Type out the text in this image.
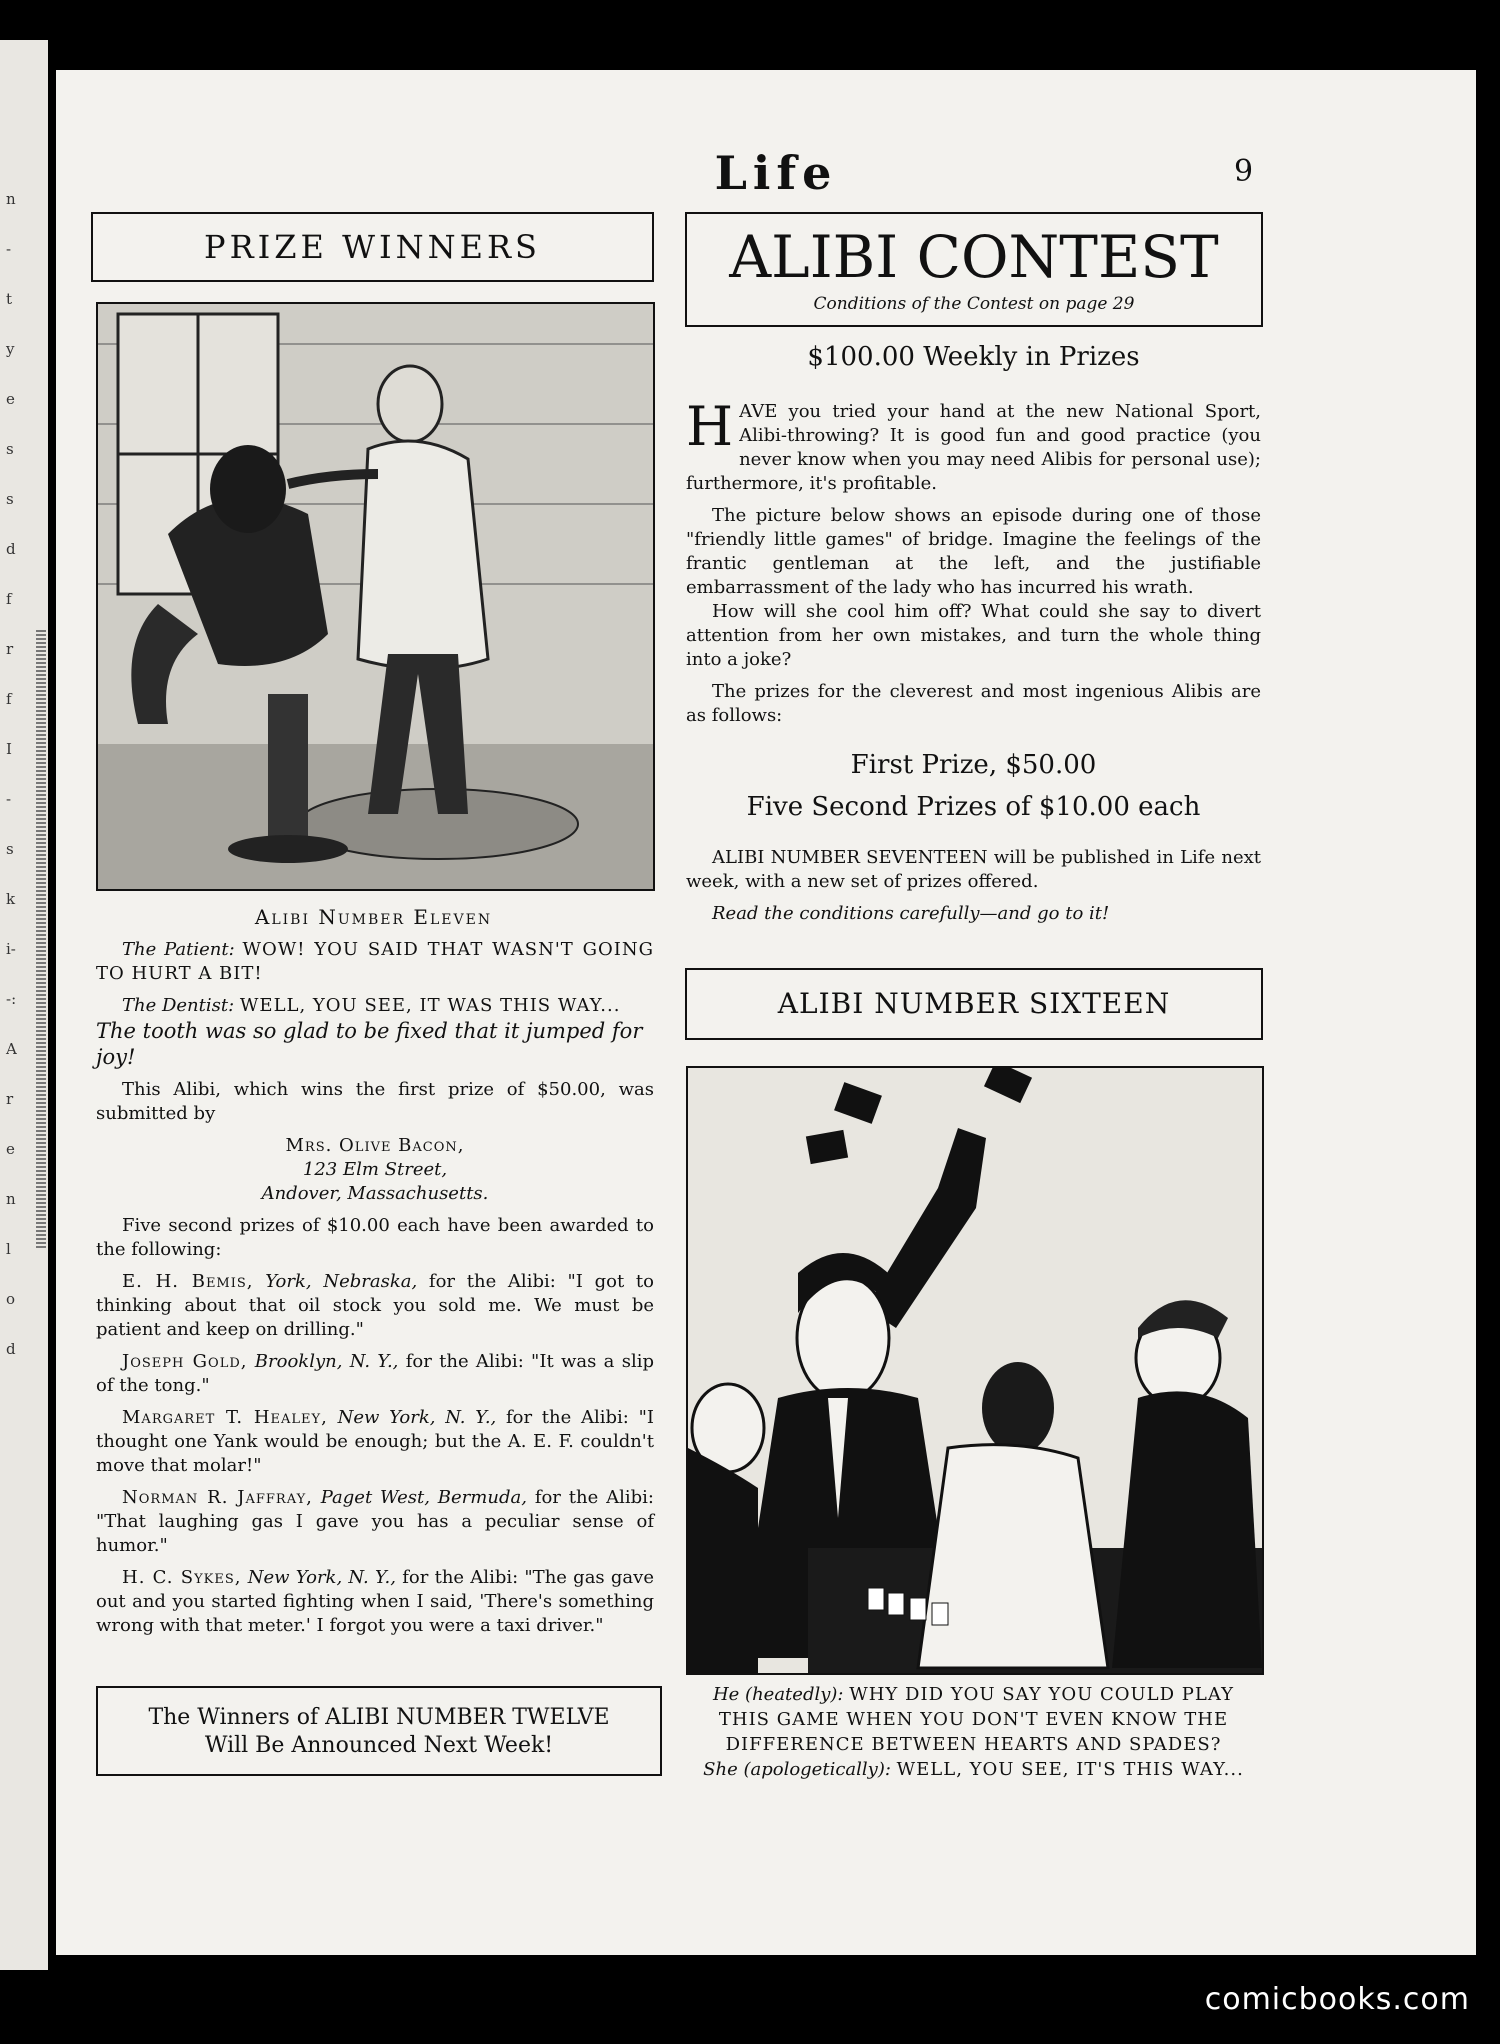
n
-
t
y
e
s
s
d
f
r
f
I
-
s
k
i-
-:
A
r
e
n
l
o
d
Life	9
PRIZE WINNERS
Alibi Number Eleven

The Patient: WOW! YOU SAID THAT WASN'T GOING TO HURT A BIT!

The Dentist: WELL, YOU SEE, IT WAS THIS WAY...

The tooth was so glad to be fixed that it jumped for joy!

This Alibi, which wins the first prize of $50.00, was submitted by

Mrs. Olive Bacon,
123 Elm Street,
Andover, Massachusetts.

Five second prizes of $10.00 each have been awarded to the following:

E. H. Bemis, York, Nebraska, for the Alibi: "I got to thinking about that oil stock you sold me. We must be patient and keep on drilling."

Joseph Gold, Brooklyn, N. Y., for the Alibi: "It was a slip of the tong."

Margaret T. Healey, New York, N. Y., for the Alibi: "I thought one Yank would be enough; but the A. E. F. couldn't move that molar!"

Norman R. Jaffray, Paget West, Bermuda, for the Alibi: "That laughing gas I gave you has a peculiar sense of humor."

H. C. Sykes, New York, N. Y., for the Alibi: "The gas gave out and you started fighting when I said, 'There's something wrong with that meter.' I forgot you were a taxi driver."

The Winners of ALIBI NUMBER TWELVE
Will Be Announced Next Week!
ALIBI CONTEST
Conditions of the Contest on page 29
$100.00 Weekly in Prizes

HAVE you tried your hand at the new National Sport, Alibi-throwing? It is good fun and good practice (you never know when you may need Alibis for personal use); furthermore, it's profitable.

The picture below shows an episode during one of those "friendly little games" of bridge. Imagine the feelings of the frantic gentleman at the left, and the justifiable embarrassment of the lady who has incurred his wrath.

How will she cool him off? What could she say to divert attention from her own mistakes, and turn the whole thing into a joke?

The prizes for the cleverest and most ingenious Alibis are as follows:

First Prize, $50.00
Five Second Prizes of $10.00 each

ALIBI NUMBER SEVENTEEN will be published in Life next week, with a new set of prizes offered.

Read the conditions carefully—and go to it!

ALIBI NUMBER SIXTEEN
He (heatedly): WHY DID YOU SAY YOU COULD PLAY THIS GAME WHEN YOU DON'T EVEN KNOW THE DIFFERENCE BETWEEN HEARTS AND SPADES?
She (apologetically): WELL, YOU SEE, IT'S THIS WAY...
comicbooks.com
